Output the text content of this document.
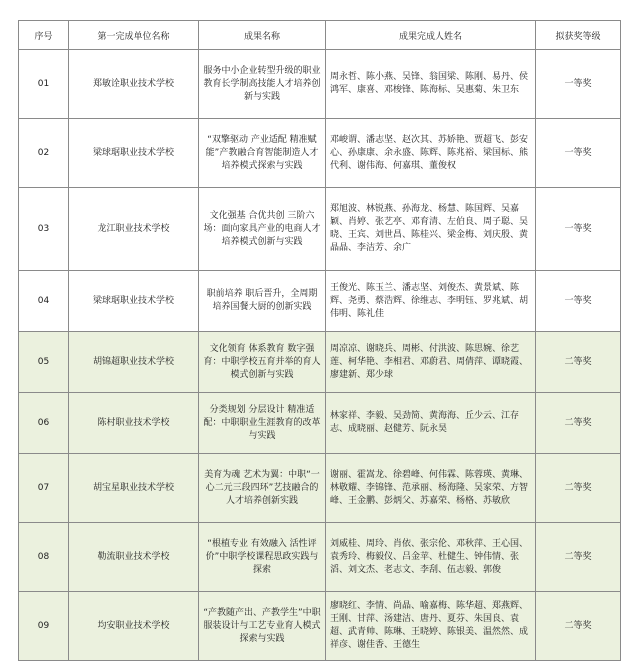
序号	第一完成单位名称	成果名称	成果完成人姓名	拟获奖等级
01	郑敏诠职业技术学校	服务中小企业转型升级的职业教育长学制高技能人才培养创新与实践	周永哲、陈小燕、吴锋、翁国梁、陈刚、易丹、侯鸿军、康喜、邓梭锋、陈海标、吴惠菊、朱卫东	一等奖
02	梁球琚职业技术学校	“双擎驱动 产业适配 精准赋能”产教融合育智能制造人才培养模式探索与实践	邓峻谓、潘志坚、赵次其、苏娇艳、贾超飞、彭安心、孙康康、余永盛、陈辉、陈兆裕、梁国标、熊代利、谢伟海、何嘉琪、董俊权	一等奖
03	龙江职业技术学校	文化强基 合优共创 三阶六场：面向家具产业的电商人才培养模式创新与实践	郑旭波、林锐燕、孙海龙、杨慧、陈国辉、吴嘉颖、肖婷、张艺亭、邓育清、左伯良、周子聪、吴晓、王宾、刘世昌、陈桂兴、梁金梅、刘庆殷、黄晶晶、李洁芳、余广	一等奖
04	梁球琚职业技术学校	职前培养 职后晋升，全周期培养国餐大厨的创新实践	王俊光、陈玉兰、潘志坚、刘俊杰、黄景斌、陈辉、尧勇、蔡浩辉、徐维志、李明钰、罗兆斌、胡伟明、陈礼佳	一等奖
05	胡锦超职业技术学校	文化领育 体系教育 数字强育：中职学校五育并举的育人模式创新与实践	周凉凉、谢晓兵、周彬、付洪波、陈思婉、徐艺莲、柯华艳、李相君、邓蔚君、周倩萍、谭晓霞、廖建新、郑少球	二等奖
06	陈村职业技术学校	分类规划 分层设计 精准适配：中职职业生涯教育的改革与实践	林家祥、李毅、吴劲简、黄海海、丘少云、江存志、成晓丽、赵健芳、阮永昊	二等奖
07	胡宝星职业技术学校	美育为魂 艺术为翼：中职“一心二元三段四环”艺技融合的人才培养创新实践	谢丽、霍嵩龙、徐碧峰、何伟霖、陈蓉瑛、黄琳、林敬耀、李锦锋、范承丽、杨海隆、吴家荣、方智峰、王金鹏、彭炳父、苏嘉荣、杨格、苏敏欣	二等奖
08	勒流职业技术学校	“根植专业 有效融入 活性评价”中职学校课程思政实践与探索	刘威桂、周玲、肖依、张宗伦、邓秋萍、王心国、袁秀玲、梅毅仪、吕金苹、杜健生、钟伟情、张滔、刘文杰、老志文、李刮、伍志毅、郭俊	二等奖
09	均安职业技术学校	“产教随产出、产教学生”中职服装设计与工艺专业育人模式探索与实践	廖晓红、李情、尚晶、喻嘉梅、陈华超、郑燕辉、王刚、甘萍、汤建洁、唐丹、夏芬、朱国良、袁超、武青帅、陈琳、王晓婷、陈银美、温然然、成祥彦、谢佳香、王德生	二等奖
